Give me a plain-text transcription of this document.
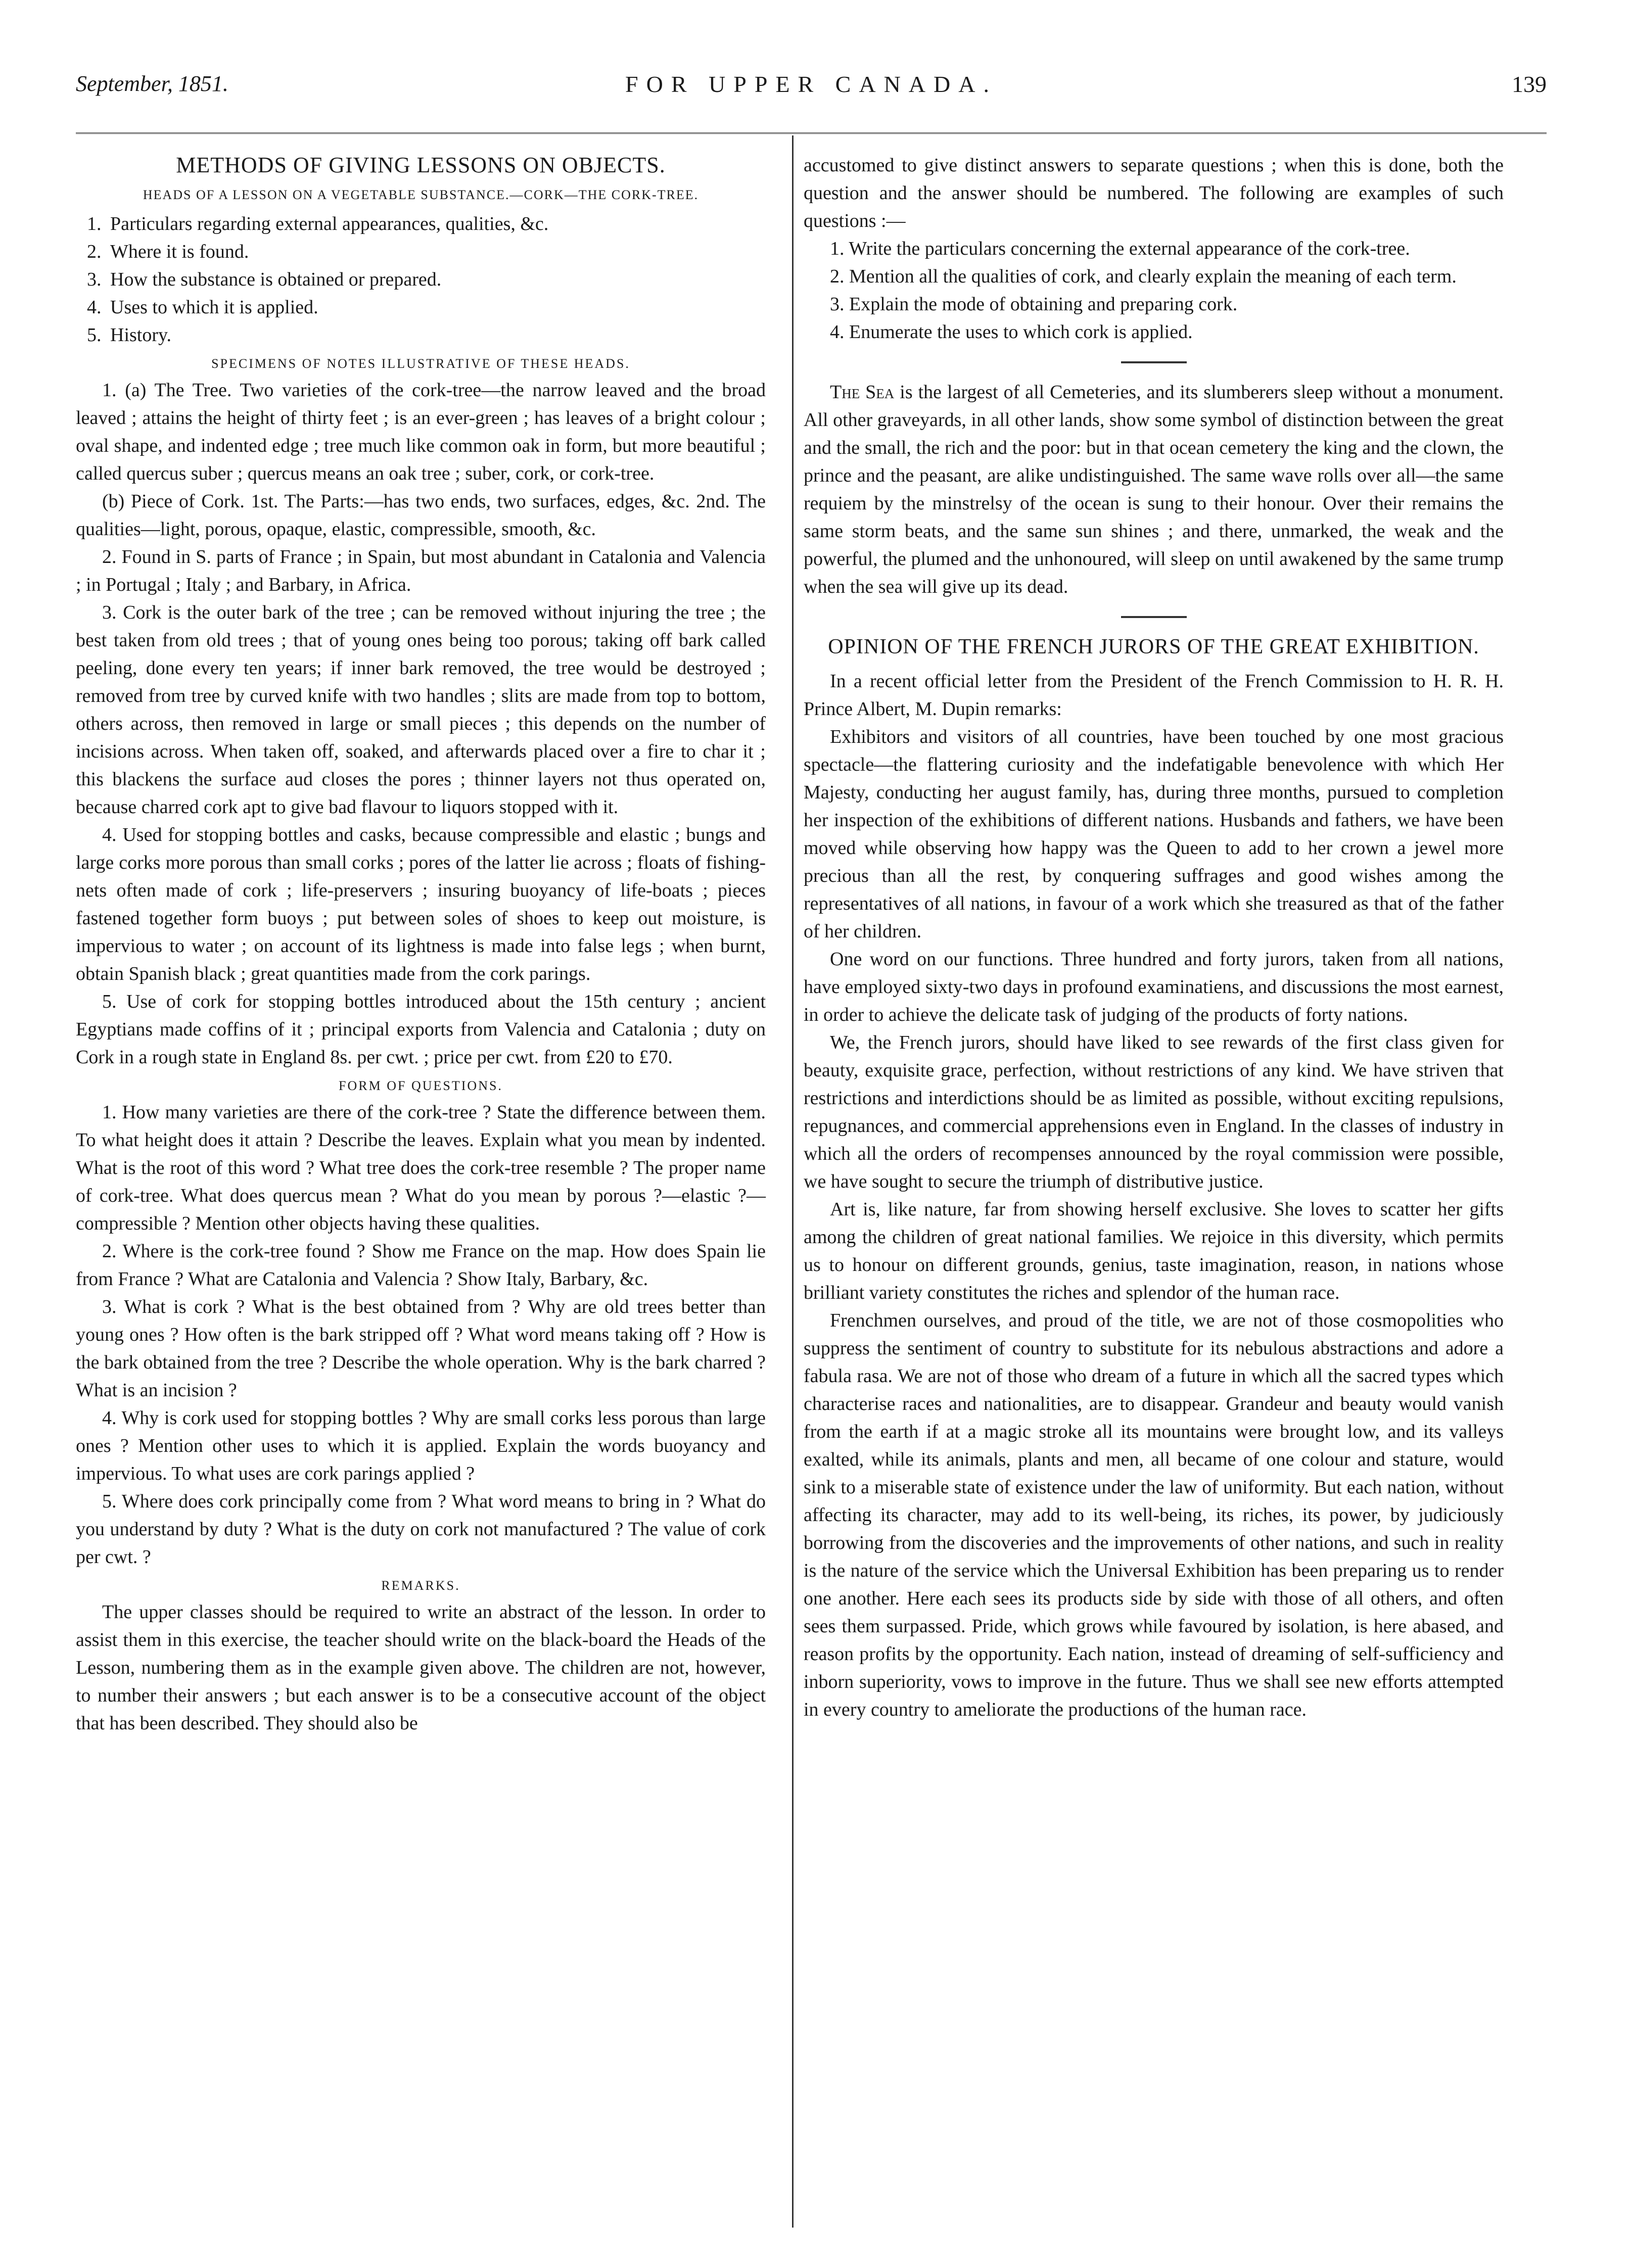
September, 1851.	FOR UPPER CANADA.	139
METHODS OF GIVING LESSONS ON OBJECTS.
HEADS OF A LESSON ON A VEGETABLE SUBSTANCE.—CORK—THE CORK-TREE.
1. Particulars regarding external appearances, qualities, &c.
2. Where it is found.
3. How the substance is obtained or prepared.
4. Uses to which it is applied.
5. History.
SPECIMENS OF NOTES ILLUSTRATIVE OF THESE HEADS.

1. (a) The Tree. Two varieties of the cork-tree—the narrow leaved and the broad leaved ; attains the height of thirty feet ; is an ever-green ; has leaves of a bright colour ; oval shape, and indented edge ; tree much like common oak in form, but more beautiful ; called quercus suber ; quercus means an oak tree ; suber, cork, or cork-tree.

(b) Piece of Cork. 1st. The Parts:—has two ends, two surfaces, edges, &c. 2nd. The qualities—light, porous, opaque, elastic, compressible, smooth, &c.

2. Found in S. parts of France ; in Spain, but most abundant in Catalonia and Valencia ; in Portugal ; Italy ; and Barbary, in Africa.

3. Cork is the outer bark of the tree ; can be removed without injuring the tree ; the best taken from old trees ; that of young ones being too porous; taking off bark called peeling, done every ten years; if inner bark removed, the tree would be destroyed ; removed from tree by curved knife with two handles ; slits are made from top to bottom, others across, then removed in large or small pieces ; this depends on the number of incisions across. When taken off, soaked, and afterwards placed over a fire to char it ; this blackens the surface aud closes the pores ; thinner layers not thus operated on, because charred cork apt to give bad flavour to liquors stopped with it.

4. Used for stopping bottles and casks, because compressible and elastic ; bungs and large corks more porous than small corks ; pores of the latter lie across ; floats of fishing-nets often made of cork ; life-preservers ; insuring buoyancy of life-boats ; pieces fastened together form buoys ; put between soles of shoes to keep out moisture, is impervious to water ; on account of its lightness is made into false legs ; when burnt, obtain Spanish black ; great quantities made from the cork parings.

5. Use of cork for stopping bottles introduced about the 15th century ; ancient Egyptians made coffins of it ; principal exports from Valencia and Catalonia ; duty on Cork in a rough state in England 8s. per cwt. ; price per cwt. from £20 to £70.

FORM OF QUESTIONS.

1. How many varieties are there of the cork-tree ? State the difference between them. To what height does it attain ? Describe the leaves. Explain what you mean by indented. What is the root of this word ? What tree does the cork-tree resemble ? The proper name of cork-tree. What does quercus mean ? What do you mean by porous ?—elastic ?—compressible ? Mention other objects having these qualities.

2. Where is the cork-tree found ? Show me France on the map. How does Spain lie from France ? What are Catalonia and Valencia ? Show Italy, Barbary, &c.

3. What is cork ? What is the best obtained from ? Why are old trees better than young ones ? How often is the bark stripped off ? What word means taking off ? How is the bark obtained from the tree ? Describe the whole operation. Why is the bark charred ? What is an incision ?

4. Why is cork used for stopping bottles ? Why are small corks less porous than large ones ? Mention other uses to which it is applied. Explain the words buoyancy and impervious. To what uses are cork parings applied ?

5. Where does cork principally come from ? What word means to bring in ? What do you understand by duty ? What is the duty on cork not manufactured ? The value of cork per cwt. ?

REMARKS.

The upper classes should be required to write an abstract of the lesson. In order to assist them in this exercise, the teacher should write on the black-board the Heads of the Lesson, numbering them as in the example given above. The children are not, however, to number their answers ; but each answer is to be a consecutive account of the object that has been described. They should also be

accustomed to give distinct answers to separate questions ; when this is done, both the question and the answer should be numbered. The following are examples of such questions :—

1. Write the particulars concerning the external appearance of the cork-tree.

2. Mention all the qualities of cork, and clearly explain the meaning of each term.

3. Explain the mode of obtaining and preparing cork.

4. Enumerate the uses to which cork is applied.

The Sea is the largest of all Cemeteries, and its slumberers sleep without a monument. All other graveyards, in all other lands, show some symbol of distinction between the great and the small, the rich and the poor: but in that ocean cemetery the king and the clown, the prince and the peasant, are alike undistinguished. The same wave rolls over all—the same requiem by the minstrelsy of the ocean is sung to their honour. Over their remains the same storm beats, and the same sun shines ; and there, unmarked, the weak and the powerful, the plumed and the unhonoured, will sleep on until awakened by the same trump when the sea will give up its dead.

OPINION OF THE FRENCH JURORS OF THE GREAT EXHIBITION.

In a recent official letter from the President of the French Commission to H. R. H. Prince Albert, M. Dupin remarks:

Exhibitors and visitors of all countries, have been touched by one most gracious spectacle—the flattering curiosity and the indefatigable benevolence with which Her Majesty, conducting her august family, has, during three months, pursued to completion her inspection of the exhibitions of different nations. Husbands and fathers, we have been moved while observing how happy was the Queen to add to her crown a jewel more precious than all the rest, by conquering suffrages and good wishes among the representatives of all nations, in favour of a work which she treasured as that of the father of her children.

One word on our functions. Three hundred and forty jurors, taken from all nations, have employed sixty-two days in profound examinatiens, and discussions the most earnest, in order to achieve the delicate task of judging of the products of forty nations.

We, the French jurors, should have liked to see rewards of the first class given for beauty, exquisite grace, perfection, without restrictions of any kind. We have striven that restrictions and interdictions should be as limited as possible, without exciting repulsions, repugnances, and commercial apprehensions even in England. In the classes of industry in which all the orders of recompenses announced by the royal commission were possible, we have sought to secure the triumph of distributive justice.

Art is, like nature, far from showing herself exclusive. She loves to scatter her gifts among the children of great national families. We rejoice in this diversity, which permits us to honour on different grounds, genius, taste imagination, reason, in nations whose brilliant variety constitutes the riches and splendor of the human race.

Frenchmen ourselves, and proud of the title, we are not of those cosmopolities who suppress the sentiment of country to substitute for its nebulous abstractions and adore a fabula rasa. We are not of those who dream of a future in which all the sacred types which characterise races and nationalities, are to disappear. Grandeur and beauty would vanish from the earth if at a magic stroke all its mountains were brought low, and its valleys exalted, while its animals, plants and men, all became of one colour and stature, would sink to a miserable state of existence under the law of uniformity. But each nation, without affecting its character, may add to its well-being, its riches, its power, by judiciously borrowing from the discoveries and the improvements of other nations, and such in reality is the nature of the service which the Universal Exhibition has been preparing us to render one another. Here each sees its products side by side with those of all others, and often sees them surpassed. Pride, which grows while favoured by isolation, is here abased, and reason profits by the opportunity. Each nation, instead of dreaming of self-sufficiency and inborn superiority, vows to improve in the future. Thus we shall see new efforts attempted in every country to ameliorate the productions of the human race.
